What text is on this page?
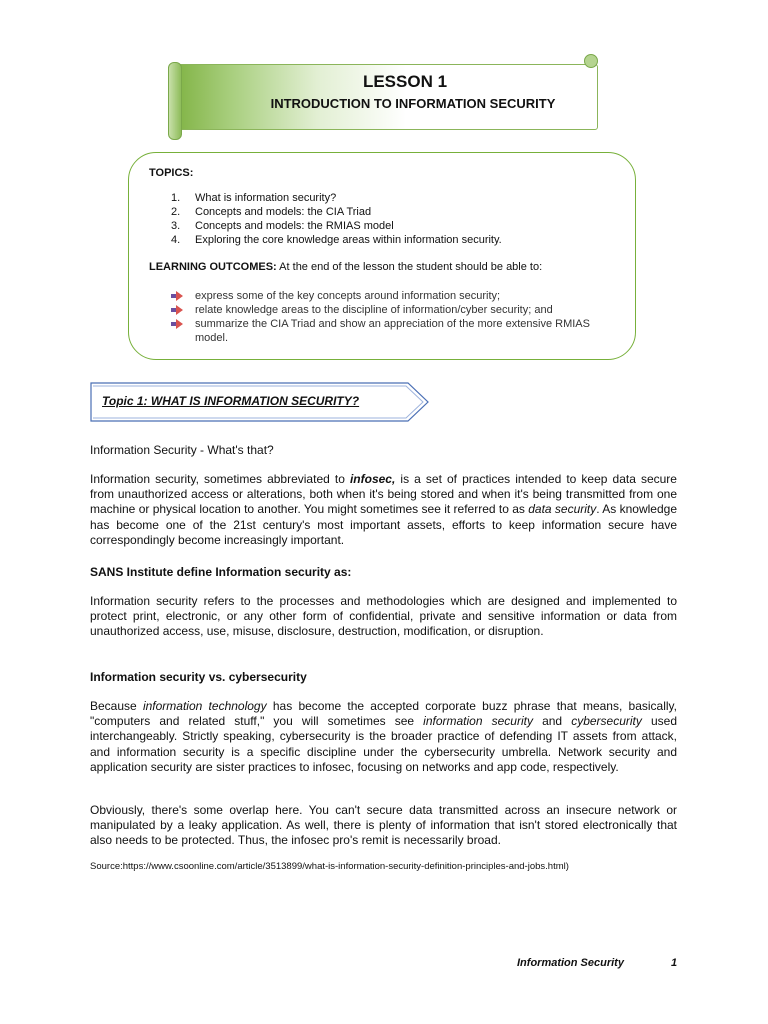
LESSON 1
INTRODUCTION TO INFORMATION SECURITY
TOPICS:
1.	What is information security?
2.	Concepts and models: the CIA Triad
3.	Concepts and models: the RMIAS model
4.	Exploring the core knowledge areas within information security.
LEARNING OUTCOMES: At the end of the lesson the student should be able to:
express some of the key concepts around information security;
relate knowledge areas to the discipline of information/cyber security; and
summarize the CIA Triad and show an appreciation of the more extensive RMIAS model.
Topic 1: WHAT IS INFORMATION SECURITY?
Information Security - What's that?
Information security, sometimes abbreviated to infosec, is a set of practices intended to keep data secure from unauthorized access or alterations, both when it's being stored and when it's being transmitted from one machine or physical location to another. You might sometimes see it referred to as data security. As knowledge has become one of the 21st century's most important assets, efforts to keep information secure have correspondingly become increasingly important.
SANS Institute define Information security as:
Information security refers to the processes and methodologies which are designed and implemented to protect print, electronic, or any other form of confidential, private and sensitive information or data from unauthorized access, use, misuse, disclosure, destruction, modification, or disruption.
Information security vs. cybersecurity
Because information technology has become the accepted corporate buzz phrase that means, basically, "computers and related stuff," you will sometimes see information security and cybersecurity used interchangeably. Strictly speaking, cybersecurity is the broader practice of defending IT assets from attack, and information security is a specific discipline under the cybersecurity umbrella. Network security and application security are sister practices to infosec, focusing on networks and app code, respectively.
Obviously, there's some overlap here. You can't secure data transmitted across an insecure network or manipulated by a leaky application. As well, there is plenty of information that isn't stored electronically that also needs to be protected. Thus, the infosec pro's remit is necessarily broad.
Source:https://www.csoonline.com/article/3513899/what-is-information-security-definition-principles-and-jobs.html)
Information Security	1
